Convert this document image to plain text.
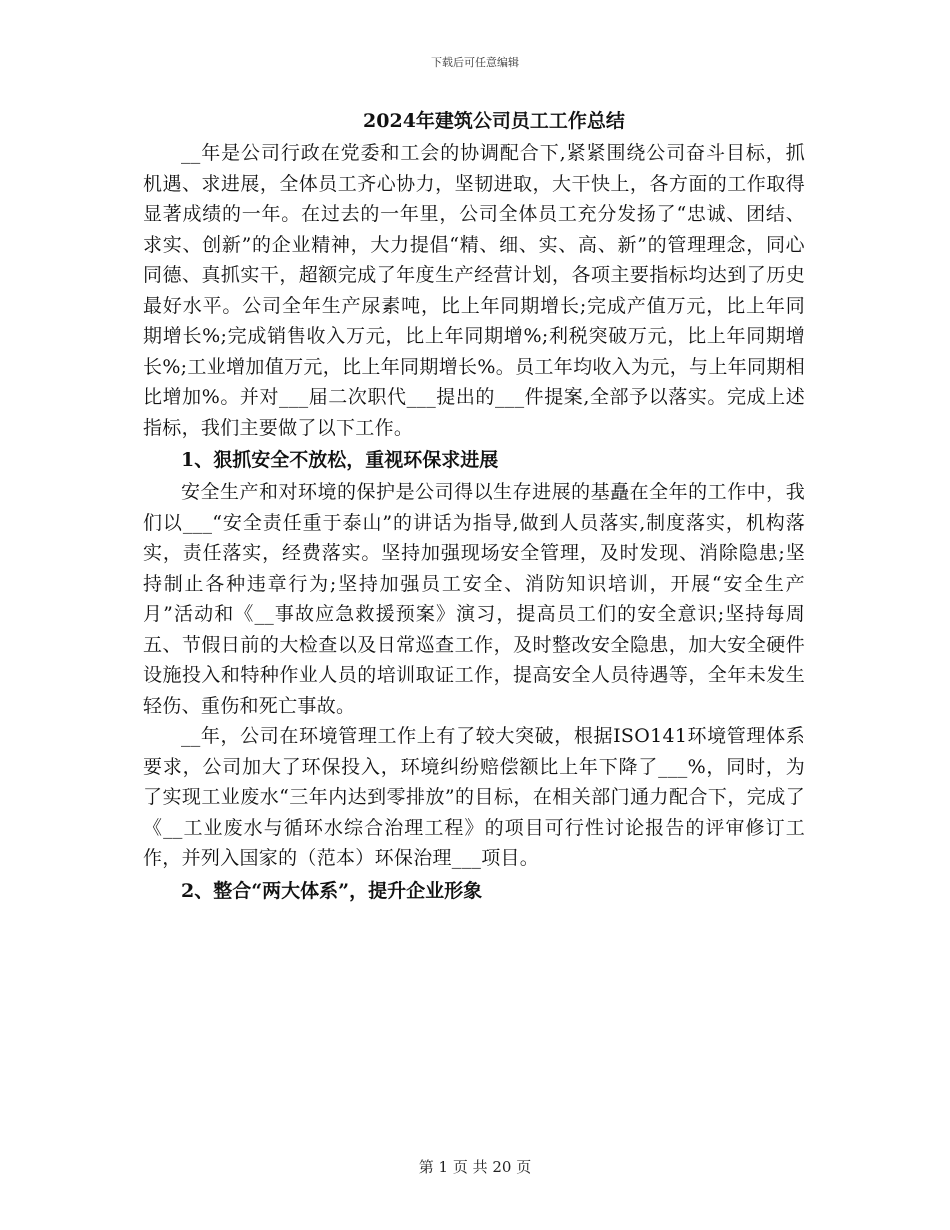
下载后可任意编辑
2024年建筑公司员工工作总结

__年是公司行政在党委和工会的协调配合下,紧紧围绕公司奋斗目标，抓机遇、求进展，全体员工齐心协力，坚韧进取，大干快上，各方面的工作取得显著成绩的一年。在过去的一年里，公司全体员工充分发扬了“忠诚、团结、求实、创新”的企业精神，大力提倡“精、细、实、高、新”的管理理念，同心同德、真抓实干，超额完成了年度生产经营计划，各项主要指标均达到了历史最好水平。公司全年生产尿素吨，比上年同期增长;完成产值万元，比上年同期增长%;完成销售收入万元，比上年同期增%;利税突破万元，比上年同期增长%;工业增加值万元，比上年同期增长%。员工年均收入为元，与上年同期相比增加%。并对___届二次职代___提出的___件提案,全部予以落实。完成上述指标，我们主要做了以下工作。

1、狠抓安全不放松，重视环保求进展

安全生产和对环境的保护是公司得以生存进展的基矗在全年的工作中，我们以___“安全责任重于泰山”的讲话为指导,做到人员落实,制度落实，机构落实，责任落实，经费落实。坚持加强现场安全管理，及时发现、消除隐患;坚持制止各种违章行为;坚持加强员工安全、消防知识培训，开展“安全生产月”活动和《__事故应急救援预案》演习，提高员工们的安全意识;坚持每周五、节假日前的大检查以及日常巡查工作，及时整改安全隐患，加大安全硬件设施投入和特种作业人员的培训取证工作，提高安全人员待遇等，全年未发生轻伤、重伤和死亡事故。

__年，公司在环境管理工作上有了较大突破，根据ISO141环境管理体系要求，公司加大了环保投入，环境纠纷赔偿额比上年下降了___%，同时，为了实现工业废水“三年内达到零排放”的目标，在相关部门通力配合下，完成了《__工业废水与循环水综合治理工程》的项目可行性讨论报告的评审修订工作，并列入国家的（范本）环保治理___项目。

2、整合“两大体系”，提升企业形象

第 1 页 共 20 页
